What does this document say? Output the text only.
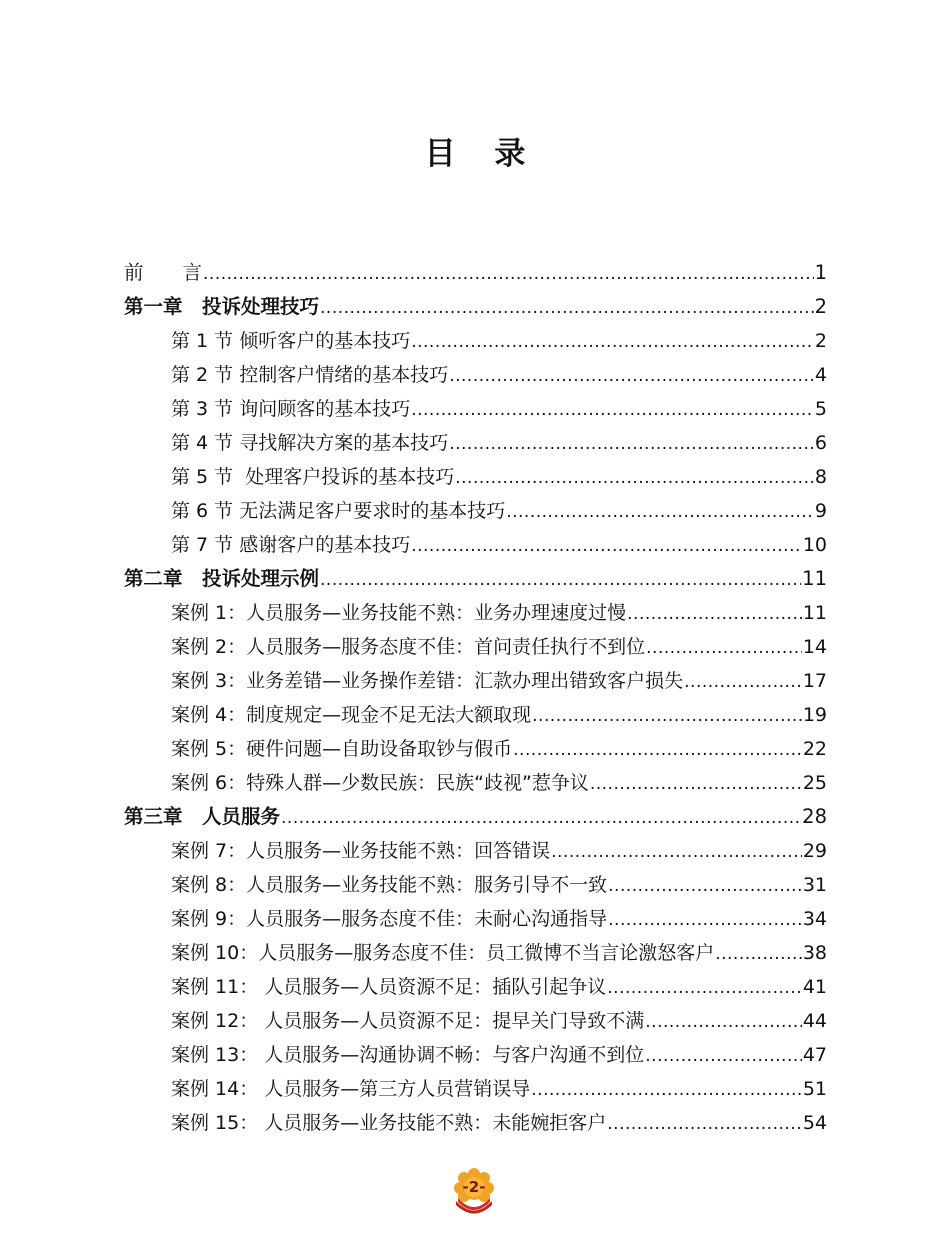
目 录
前　　言 .....	1
第一章　投诉处理技巧 .....	2
第 1 节 倾听客户的基本技巧 .....	2
第 2 节 控制客户情绪的基本技巧 .....	4
第 3 节 询问顾客的基本技巧 .....	5
第 4 节 寻找解决方案的基本技巧 .....	6
第 5 节  处理客户投诉的基本技巧 .....	8
第 6 节 无法满足客户要求时的基本技巧 .....	9
第 7 节 感谢客户的基本技巧 .....	10
第二章　投诉处理示例 .....	11
案例 1：人员服务—业务技能不熟：业务办理速度过慢 .....	11
案例 2：人员服务—服务态度不佳：首问责任执行不到位 .....	14
案例 3：业务差错—业务操作差错：汇款办理出错致客户损失 .....	17
案例 4：制度规定—现金不足无法大额取现 .....	19
案例 5：硬件问题—自助设备取钞与假币 .....	22
案例 6：特殊人群—少数民族：民族“歧视”惹争议 .....	25
第三章　人员服务 .....	28
案例 7：人员服务—业务技能不熟：回答错误 .....	29
案例 8：人员服务—业务技能不熟：服务引导不一致 .....	31
案例 9：人员服务—服务态度不佳：未耐心沟通指导 .....	34
案例 10：人员服务—服务态度不佳：员工微博不当言论激怒客户 .....	38
案例 11： 人员服务—人员资源不足：插队引起争议 .....	41
案例 12： 人员服务—人员资源不足：提早关门导致不满 .....	44
案例 13： 人员服务—沟通协调不畅：与客户沟通不到位 .....	47
案例 14： 人员服务—第三方人员营销误导 .....	51
案例 15： 人员服务—业务技能不熟：未能婉拒客户 .....	54
-2-
